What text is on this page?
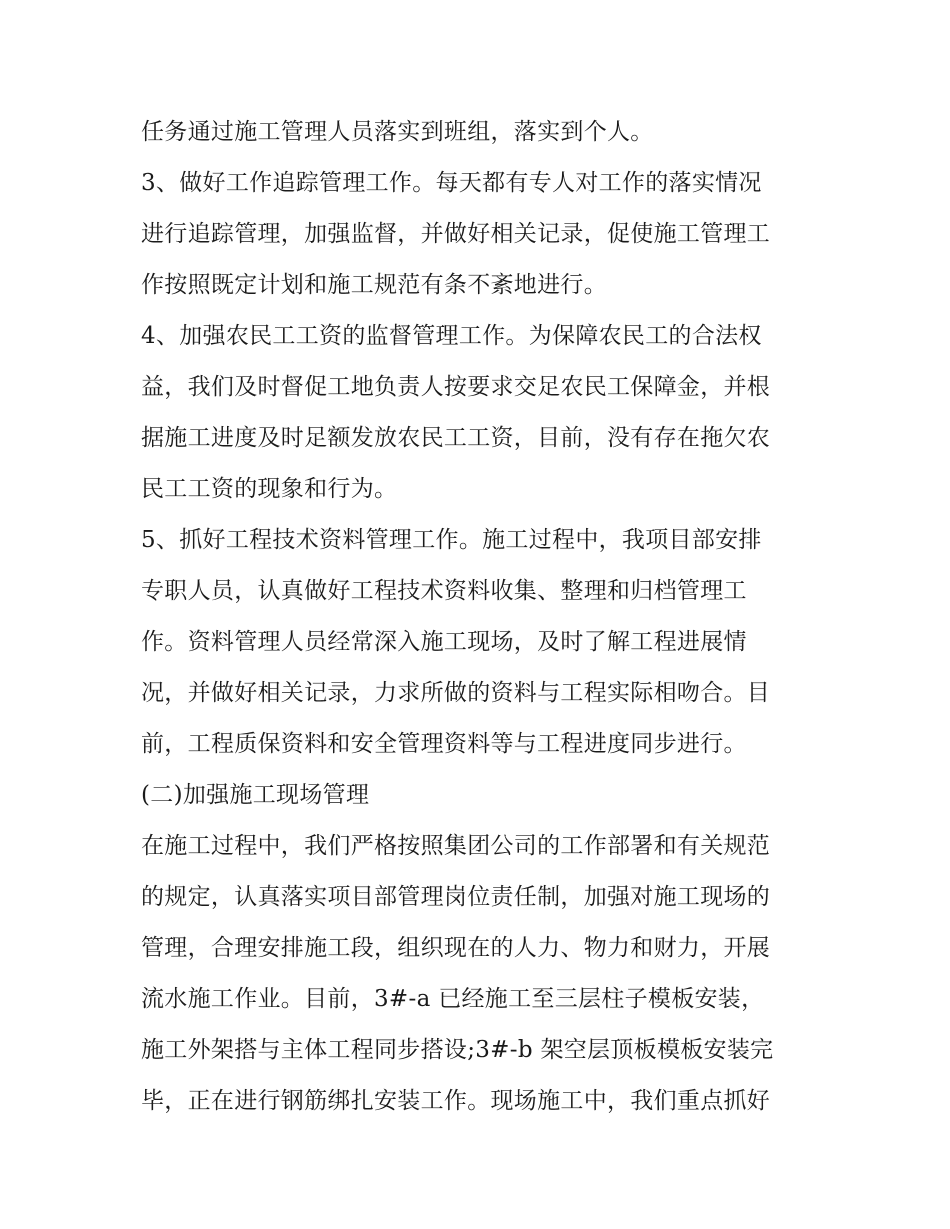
任务通过施工管理人员落实到班组，落实到个人。
3、做好工作追踪管理工作。每天都有专人对工作的落实情况
进行追踪管理，加强监督，并做好相关记录，促使施工管理工
作按照既定计划和施工规范有条不紊地进行。
4、加强农民工工资的监督管理工作。为保障农民工的合法权
益，我们及时督促工地负责人按要求交足农民工保障金，并根
据施工进度及时足额发放农民工工资，目前，没有存在拖欠农
民工工资的现象和行为。
5、抓好工程技术资料管理工作。施工过程中，我项目部安排
专职人员，认真做好工程技术资料收集、整理和归档管理工
作。资料管理人员经常深入施工现场，及时了解工程进展情
况，并做好相关记录，力求所做的资料与工程实际相吻合。目
前，工程质保资料和安全管理资料等与工程进度同步进行。
(二)加强施工现场管理
在施工过程中，我们严格按照集团公司的工作部署和有关规范
的规定，认真落实项目部管理岗位责任制，加强对施工现场的
管理，合理安排施工段，组织现在的人力、物力和财力，开展
流水施工作业。目前，3#-a 已经施工至三层柱子模板安装，
施工外架搭与主体工程同步搭设;3#-b 架空层顶板模板安装完
毕，正在进行钢筋绑扎安装工作。现场施工中，我们重点抓好
